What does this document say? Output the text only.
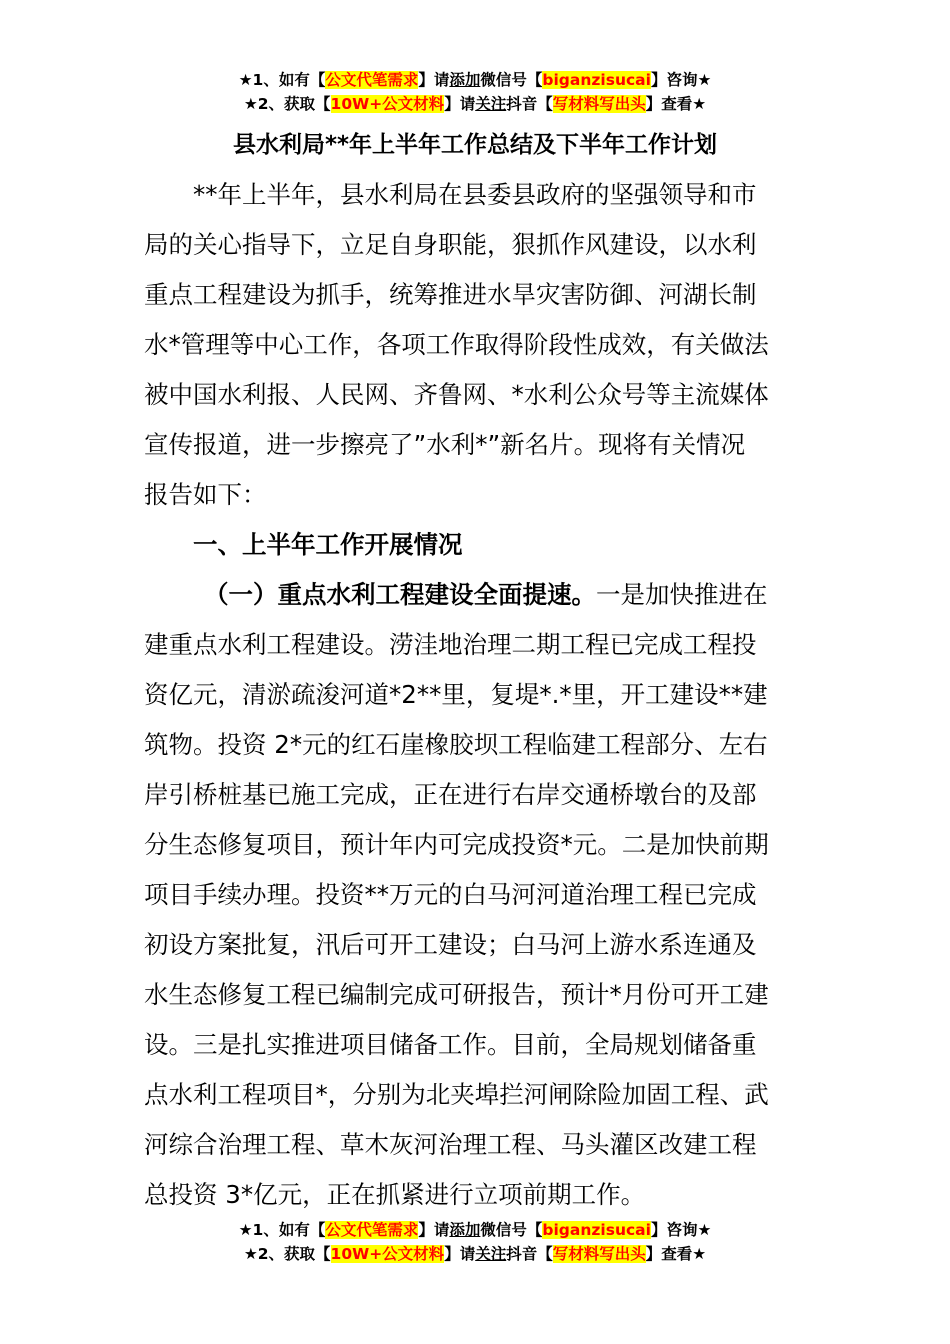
★1、如有【公文代笔需求】请添加微信号【biganzisucai】咨询★
★2、获取【10W+公文材料】请关注抖音【写材料写出头】查看★
县水利局**年上半年工作总结及下半年工作计划
**年上半年，县水利局在县委县政府的坚强领导和市
局的关心指导下，立足自身职能，狠抓作风建设，以水利
重点工程建设为抓手，统筹推进水旱灾害防御、河湖长制
水*管理等中心工作，各项工作取得阶段性成效，有关做法
被中国水利报、人民网、齐鲁网、*水利公众号等主流媒体
宣传报道，进一步擦亮了”水利*”新名片。现将有关情况
报告如下：
一、上半年工作开展情况
（一）重点水利工程建设全面提速。一是加快推进在
建重点水利工程建设。涝洼地治理二期工程已完成工程投
资亿元，清淤疏浚河道*2**里，复堤*.*里，开工建设**建
筑物。投资 2*元的红石崖橡胶坝工程临建工程部分、左右
岸引桥桩基已施工完成，正在进行右岸交通桥墩台的及部
分生态修复项目，预计年内可完成投资*元。二是加快前期
项目手续办理。投资**万元的白马河河道治理工程已完成
初设方案批复，汛后可开工建设；白马河上游水系连通及
水生态修复工程已编制完成可研报告，预计*月份可开工建
设。三是扎实推进项目储备工作。目前，全局规划储备重
点水利工程项目*，分别为北夹埠拦河闸除险加固工程、武
河综合治理工程、草木灰河治理工程、马头灌区改建工程
总投资 3*亿元，正在抓紧进行立项前期工作。
★1、如有【公文代笔需求】请添加微信号【biganzisucai】咨询★
★2、获取【10W+公文材料】请关注抖音【写材料写出头】查看★
